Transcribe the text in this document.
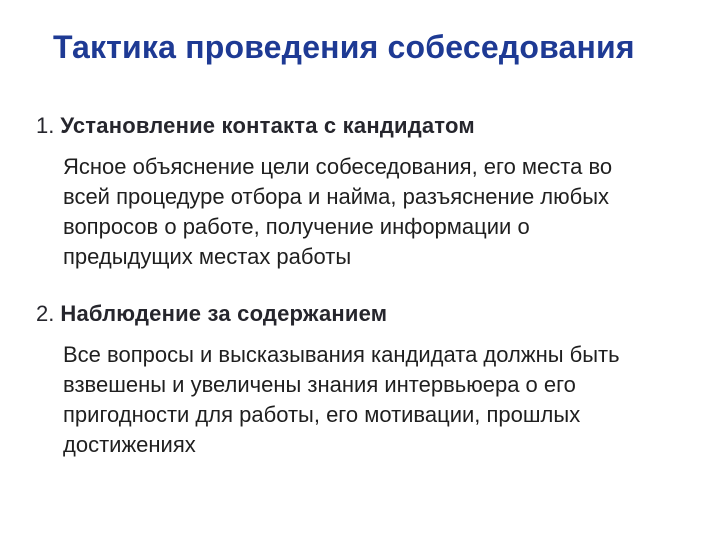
Тактика проведения собеседования
1. Установление контакта с кандидатом
Ясное объяснение цели собеседования, его места во
всей процедуре отбора и найма, разъяснение любых
вопросов о работе, получение информации о
предыдущих местах работы
2. Наблюдение за содержанием
Все вопросы и высказывания кандидата должны быть
взвешены и увеличены знания интервьюера о его
пригодности для работы, его мотивации, прошлых
достижениях
